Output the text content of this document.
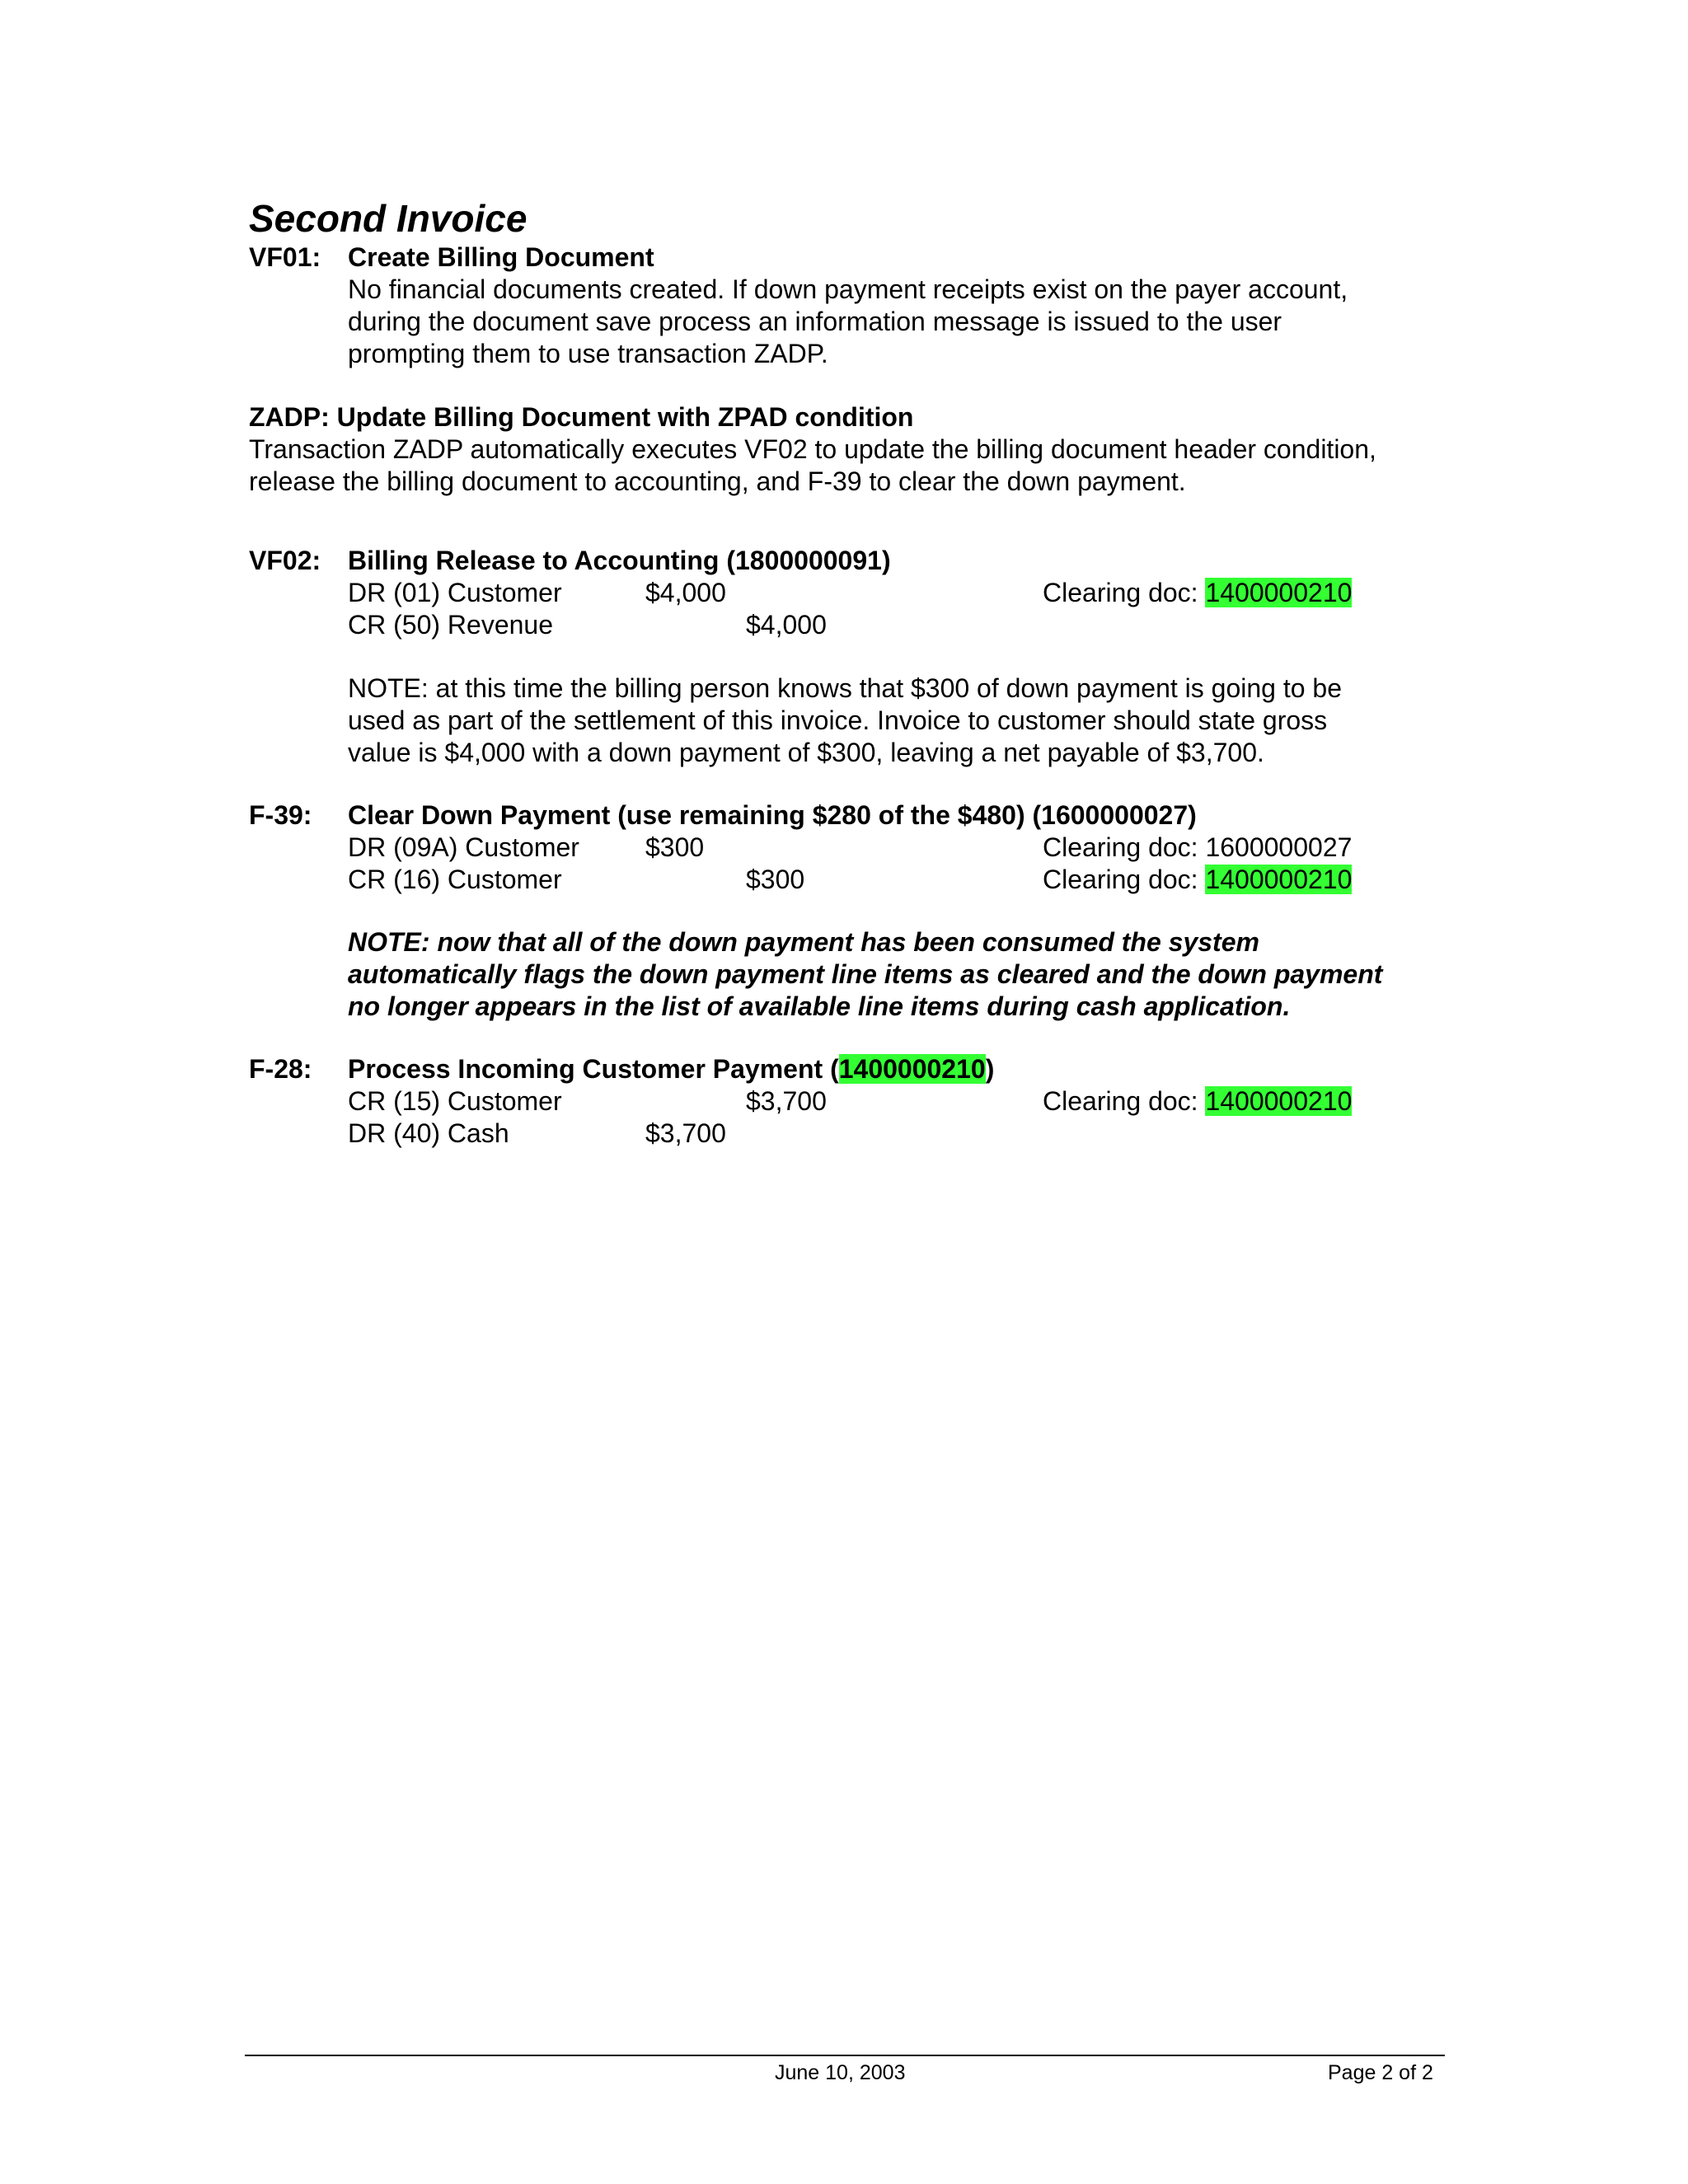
Second Invoice
VF01: Create Billing Document
No financial documents created. If down payment receipts exist on the payer account,
during the document save process an information message is issued to the user
prompting them to use transaction ZADP.
ZADP: Update Billing Document with ZPAD condition
Transaction ZADP automatically executes VF02 to update the billing document header condition,
release the billing document to accounting, and F-39 to clear the down payment.
VF02: Billing Release to Accounting (1800000091)
DR (01) Customer	$4,000	Clearing doc: 1400000210
CR (50) Revenue	$4,000
NOTE: at this time the billing person knows that $300 of down payment is going to be
used as part of the settlement of this invoice. Invoice to customer should state gross
value is $4,000 with a down payment of $300, leaving a net payable of $3,700.
F-39: Clear Down Payment (use remaining $280 of the $480) (1600000027)
DR (09A) Customer	$300	Clearing doc: 1600000027
CR (16) Customer	$300	Clearing doc: 1400000210
NOTE: now that all of the down payment has been consumed the system
automatically flags the down payment line items as cleared and the down payment
no longer appears in the list of available line items during cash application.
F-28: Process Incoming Customer Payment (1400000210)
CR (15) Customer	$3,700	Clearing doc: 1400000210
DR (40) Cash	$3,700
June 10, 2003	Page 2 of 2
